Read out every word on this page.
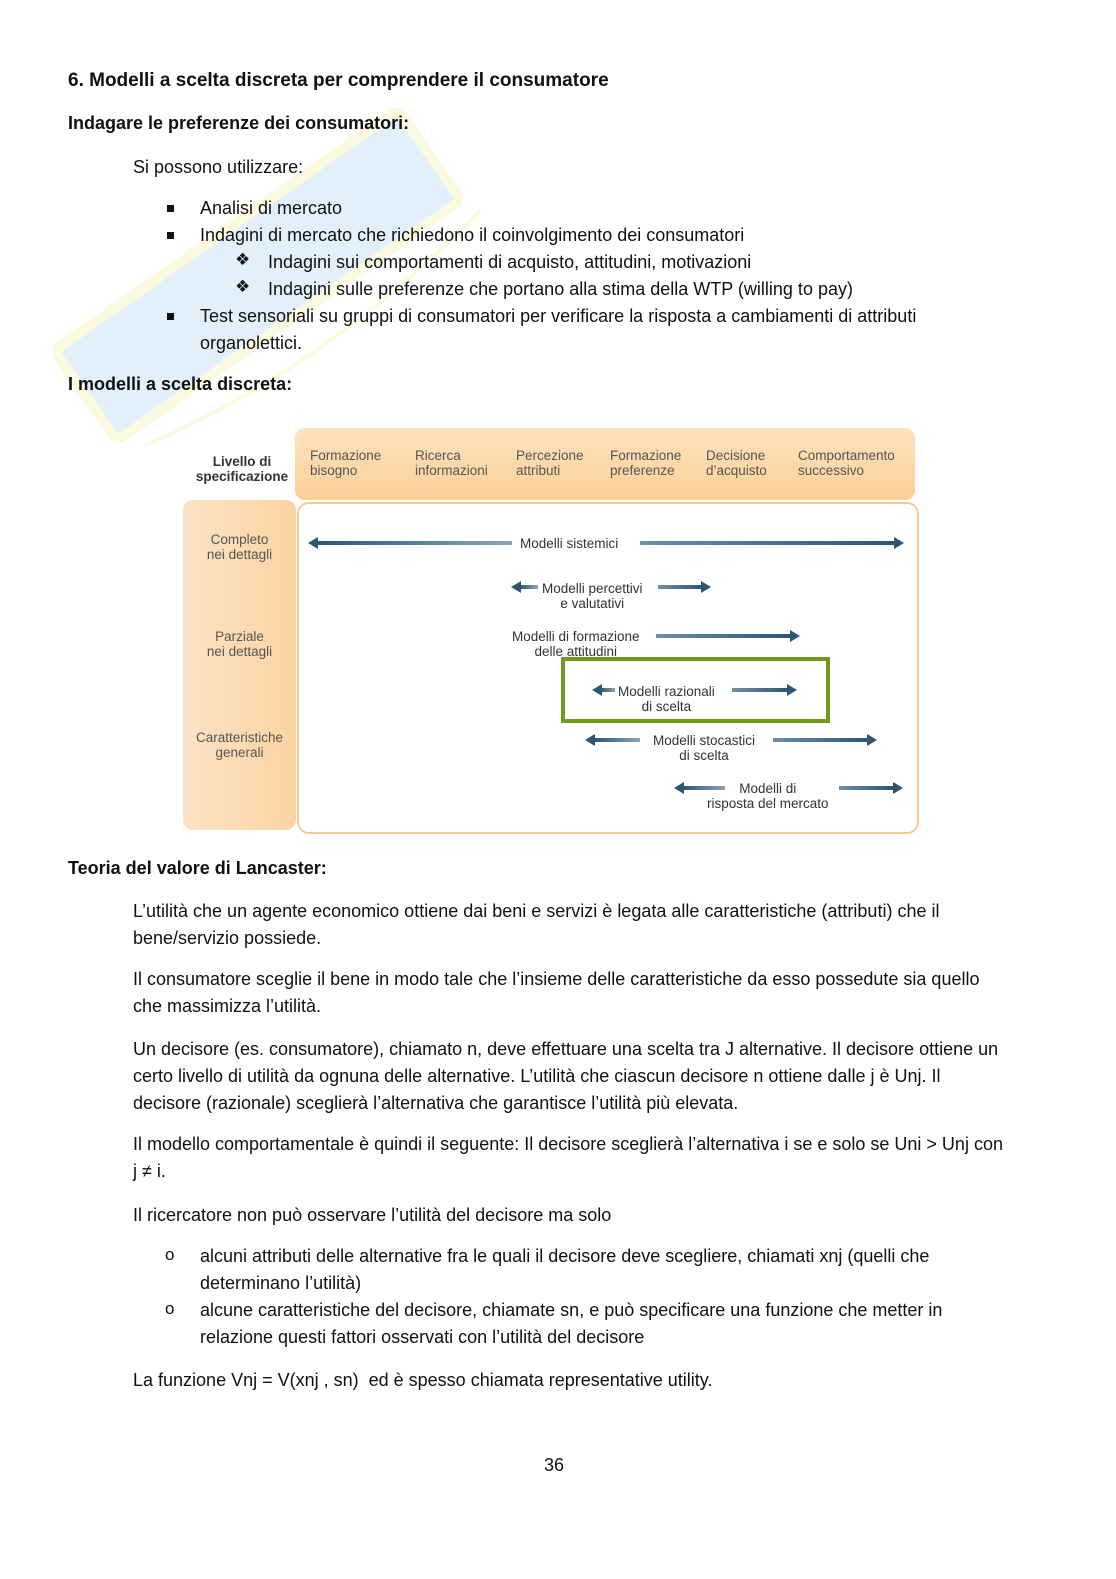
6. Modelli a scelta discreta per comprendere il consumatore
Indagare le preferenze dei consumatori:
Si possono utilizzare:
Analisi di mercato
Indagini di mercato che richiedono il coinvolgimento dei consumatori
❖ Indagini sui comportamenti di acquisto, attitudini, motivazioni
❖ Indagini sulle preferenze che portano alla stima della WTP (willing to pay)
Test sensoriali su gruppi di consumatori per verificare la risposta a cambiamenti di attributi
organolettici.
I modelli a scelta discreta:
Livello di
specificazione
Formazione
bisogno
Ricerca
informazioni
Percezione
attributi
Formazione
preferenze
Decisione
d’acquisto
Comportamento
successivo
Completo
nei dettagli
Parziale
nei dettagli
Caratteristiche
generali
Modelli sistemici
Modelli percettivi
e valutativi
Modelli di formazione
delle attitudini
Modelli razionali
di scelta
Modelli stocastici
di scelta
Modelli di
risposta del mercato
Teoria del valore di Lancaster:
L’utilità che un agente economico ottiene dai beni e servizi è legata alle caratteristiche (attributi) che il
bene/servizio possiede.
Il consumatore sceglie il bene in modo tale che l’insieme delle caratteristiche da esso possedute sia quello
che massimizza l’utilità.
Un decisore (es. consumatore), chiamato n, deve effettuare una scelta tra J alternative. Il decisore ottiene un
certo livello di utilità da ognuna delle alternative. L’utilità che ciascun decisore n ottiene dalle j è Unj. Il
decisore (razionale) sceglierà l’alternativa che garantisce l’utilità più elevata.
Il modello comportamentale è quindi il seguente: Il decisore sceglierà l’alternativa i se e solo se Uni > Unj con
j ≠ i.
Il ricercatore non può osservare l’utilità del decisore ma solo
o alcuni attributi delle alternative fra le quali il decisore deve scegliere, chiamati xnj (quelli che
determinano l’utilità)
o alcune caratteristiche del decisore, chiamate sn, e può specificare una funzione che metter in
relazione questi fattori osservati con l’utilità del decisore
La funzione Vnj = V(xnj , sn)  ed è spesso chiamata representative utility.
36
